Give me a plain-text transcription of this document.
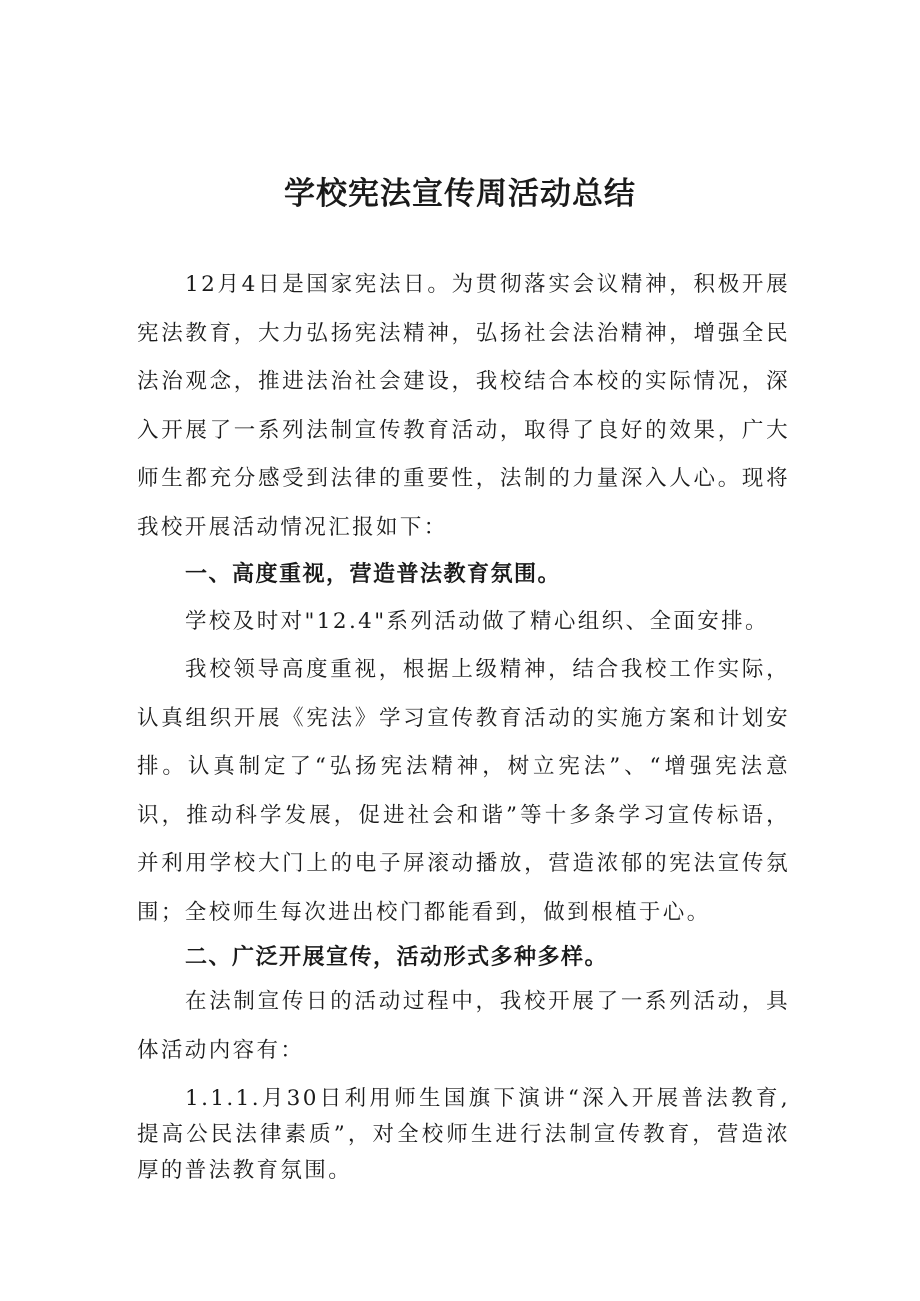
学校宪法宣传周活动总结

12月4日是国家宪法日。为贯彻落实会议精神，积极开展宪法教育，大力弘扬宪法精神，弘扬社会法治精神，增强全民法治观念，推进法治社会建设，我校结合本校的实际情况，深入开展了一系列法制宣传教育活动，取得了良好的效果，广大师生都充分感受到法律的重要性，法制的力量深入人心。现将我校开展活动情况汇报如下：

一、高度重视，营造普法教育氛围。

学校及时对"12.4"系列活动做了精心组织、全面安排。

我校领导高度重视，根据上级精神，结合我校工作实际，认真组织开展《宪法》学习宣传教育活动的实施方案和计划安排。认真制定了“弘扬宪法精神，树立宪法”、“增强宪法意识，推动科学发展，促进社会和谐”等十多条学习宣传标语，并利用学校大门上的电子屏滚动播放，营造浓郁的宪法宣传氛围；全校师生每次进出校门都能看到，做到根植于心。

二、广泛开展宣传，活动形式多种多样。

在法制宣传日的活动过程中，我校开展了一系列活动，具体活动内容有：

1.1.1.月30日利用师生国旗下演讲“深入开展普法教育,提高公民法律素质”，对全校师生进行法制宣传教育，营造浓厚的普法教育氛围。
